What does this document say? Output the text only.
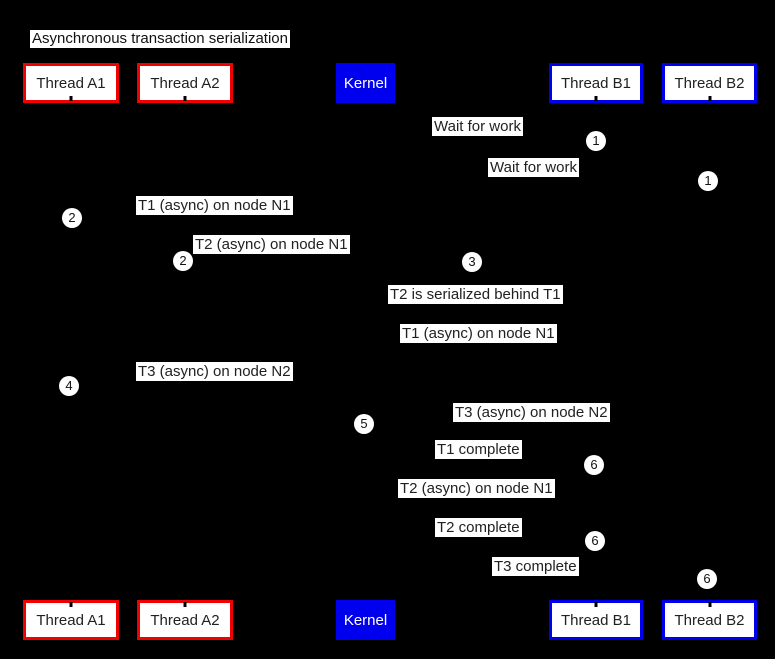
Asynchronous transaction serialization
Thread A1	Thread A2	Kernel	Thread B1	Thread B2
Wait for work
Wait for work
T1 (async) on node N1
T2 (async) on node N1
T2 is serialized behind T1
T1 (async) on node N1
T3 (async) on node N2
T3 (async) on node N2
T1 complete
T2 (async) on node N1
T2 complete
T3 complete
1
1
2
2	3
4
5
6
6
6
Thread A1	Thread A2	Kernel	Thread B1	Thread B2
